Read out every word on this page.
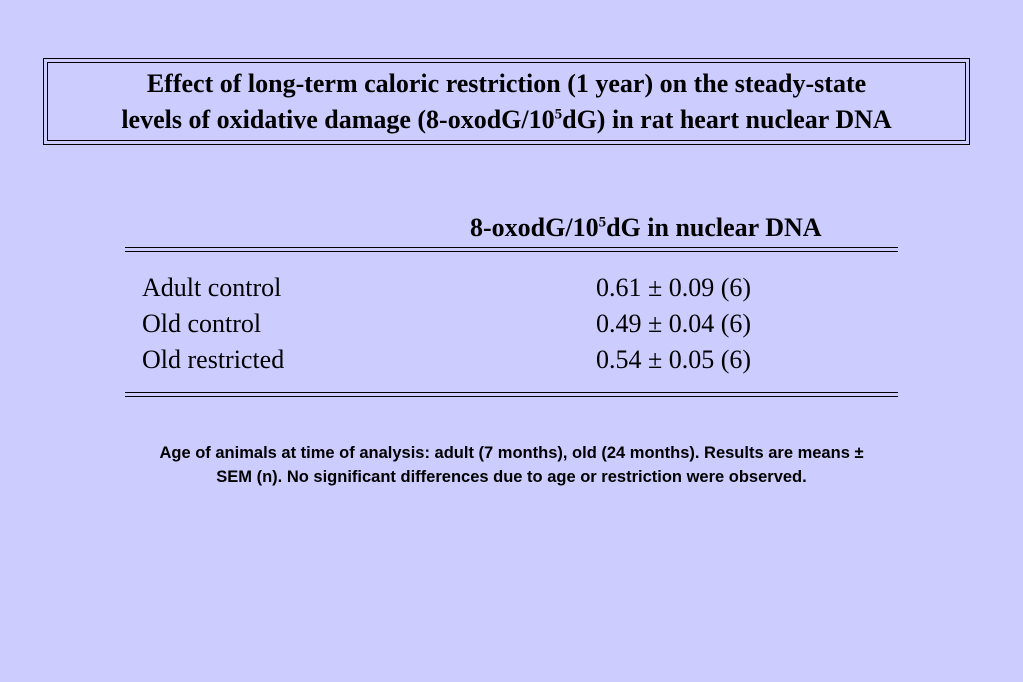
Effect of long-term caloric restriction (1 year) on the steady-state
levels of oxidative damage $(8-oxodG/10^5dG)$ in rat heart nuclear DNA
$8-oxodG/10^5dG$ in nuclear DNA
Adult control	0.61 ± 0.09 (6)
Old control	0.49 ± 0.04 (6)
Old restricted	0.54 ± 0.05 (6)
Age of animals at time of analysis: adult (7 months), old (24 months). Results are means ±
SEM (n). No significant differences due to age or restriction were observed.
